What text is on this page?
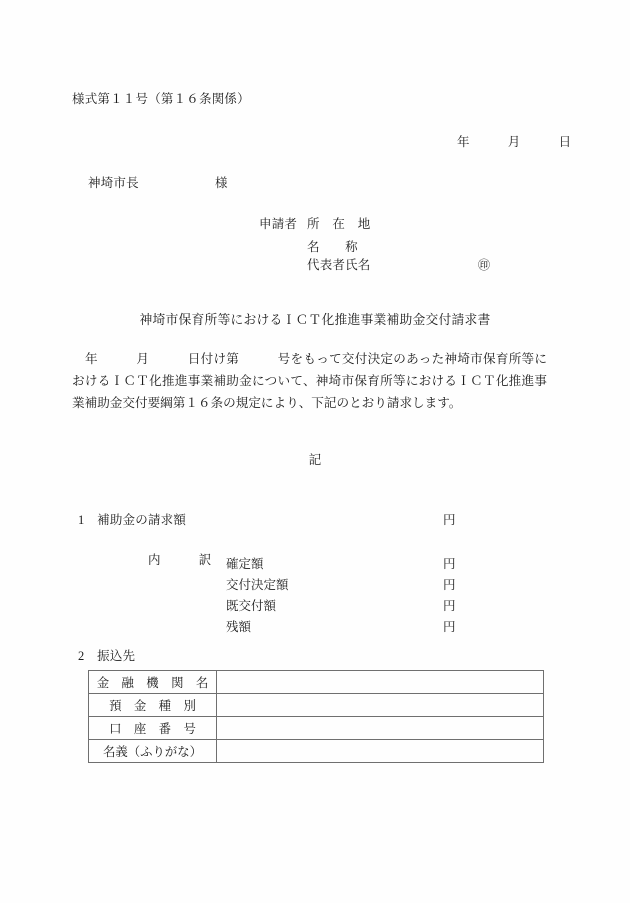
様式第１１号（第１６条関係）
年　　　月　　　日
神埼市長　　　　　　様
申請者 所　在　地
名　　称
代表者氏名	㊞
神埼市保育所等におけるＩＣＴ化推進事業補助金交付請求書
年　　　月　　　日付け第　　　号をもって交付決定のあった神埼市保育所等におけるＩＣＴ化推進事業補助金について、神埼市保育所等におけるＩＣＴ化推進事業補助金交付要綱第１６条の規定により、下記のとおり請求します。
記
1　 補助金の請求額	円
内　　　訳 確定額	円
交付決定額	円
既交付額	円
残額	円
2　 振込先
金　融　機　関　名	
預　金　種　別	
口　座　番　号	
名義（ふりがな）	
